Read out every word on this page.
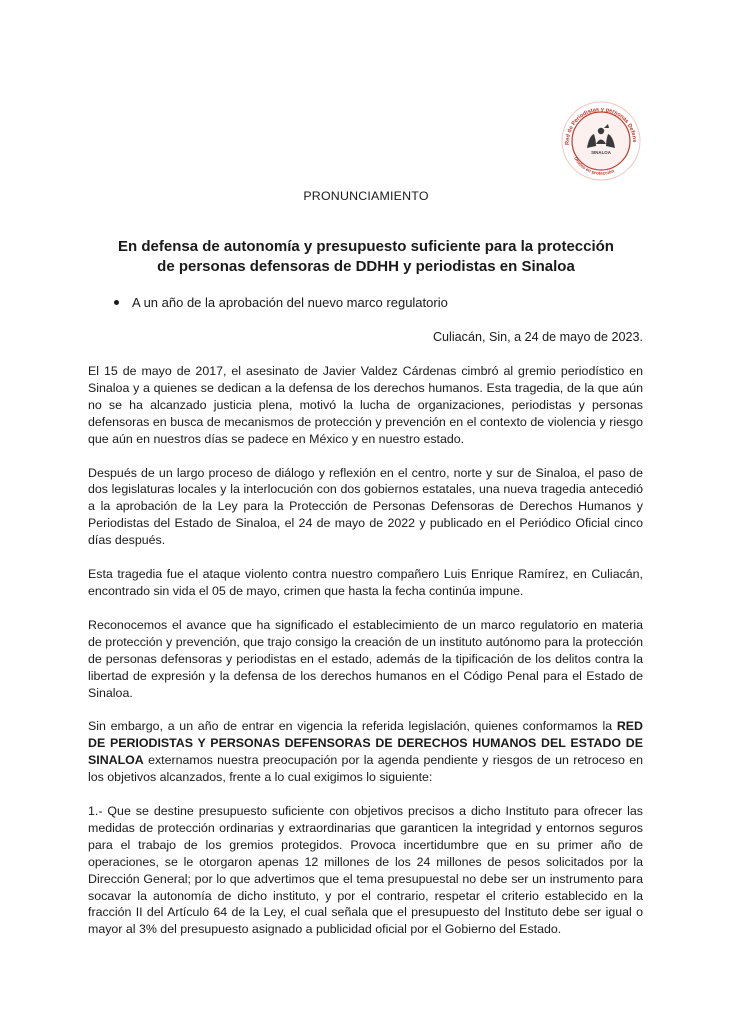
Red de Periodistas y personas Defens
Unidos en protección
SINALOA
PRONUNCIAMIENTO
En defensa de autonomía y presupuesto suficiente para la protección
de personas defensoras de DDHH y periodistas en Sinaloa
A un año de la aprobación del nuevo marco regulatorio
Culiacán, Sin, a 24 de mayo de 2023.

El 15 de mayo de 2017, el asesinato de Javier Valdez Cárdenas cimbró al gremio periodístico en Sinaloa y a quienes se dedican a la defensa de los derechos humanos. Esta tragedia, de la que aún no se ha alcanzado justicia plena, motivó la lucha de organizaciones, periodistas y personas defensoras en busca de mecanismos de protección y prevención en el contexto de violencia y riesgo que aún en nuestros días se padece en México y en nuestro estado.

Después de un largo proceso de diálogo y reflexión en el centro, norte y sur de Sinaloa, el paso de dos legislaturas locales y la interlocución con dos gobiernos estatales, una nueva tragedia antecedió a la aprobación de la Ley para la Protección de Personas Defensoras de Derechos Humanos y Periodistas del Estado de Sinaloa, el 24 de mayo de 2022 y publicado en el Periódico Oficial cinco días después.

Esta tragedia fue el ataque violento contra nuestro compañero Luis Enrique Ramírez, en Culiacán, encontrado sin vida el 05 de mayo, crimen que hasta la fecha continúa impune.

Reconocemos el avance que ha significado el establecimiento de un marco regulatorio en materia de protección y prevención, que trajo consigo la creación de un instituto autónomo para la protección de personas defensoras y periodistas en el estado, además de la tipificación de los delitos contra la libertad de expresión y la defensa de los derechos humanos en el Código Penal para el Estado de Sinaloa.

Sin embargo, a un año de entrar en vigencia la referida legislación, quienes conformamos la RED DE PERIODISTAS Y PERSONAS DEFENSORAS DE DERECHOS HUMANOS DEL ESTADO DE SINALOA externamos nuestra preocupación por la agenda pendiente y riesgos de un retroceso en los objetivos alcanzados, frente a lo cual exigimos lo siguiente:

1.- Que se destine presupuesto suficiente con objetivos precisos a dicho Instituto para ofrecer las medidas de protección ordinarias y extraordinarias que garanticen la integridad y entornos seguros para el trabajo de los gremios protegidos. Provoca incertidumbre que en su primer año de operaciones, se le otorgaron apenas 12 millones de los 24 millones de pesos solicitados por la Dirección General; por lo que advertimos que el tema presupuestal no debe ser un instrumento para socavar la autonomía de dicho instituto, y por el contrario, respetar el criterio establecido en la fracción II del Artículo 64 de la Ley, el cual señala que el presupuesto del Instituto debe ser igual o mayor al 3% del presupuesto asignado a publicidad oficial por el Gobierno del Estado.
